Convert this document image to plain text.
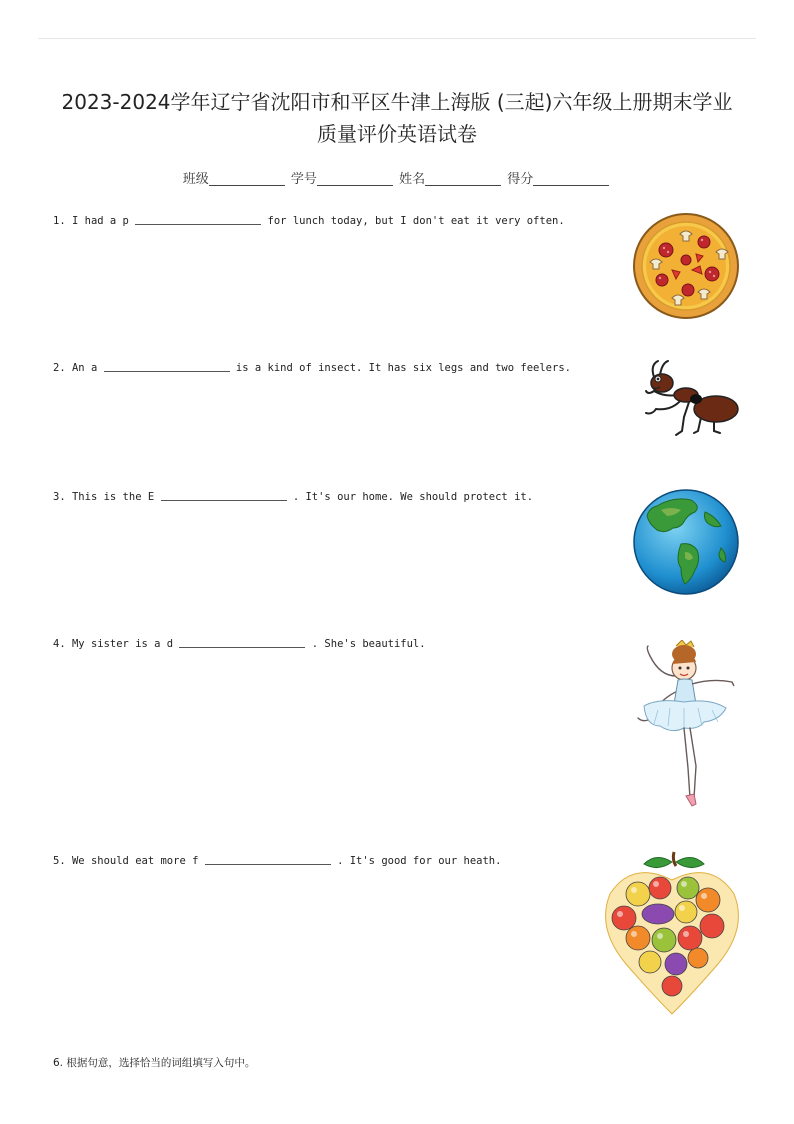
2023-2024学年辽宁省沈阳市和平区牛津上海版 (三起)六年级上册期末学业
质量评价英语试卷
班级	学号	姓名	得分
1. I had a p	for lunch today, but I don't eat it very often.
2. An a	is a kind of insect. It has six legs and two feelers.
3. This is the E	. It's our home. We should protect it.
4. My sister is a d	. She's beautiful.
5. We should eat more f	. It's good for our heath.
6. 根据句意，选择恰当的词组填写入句中。
